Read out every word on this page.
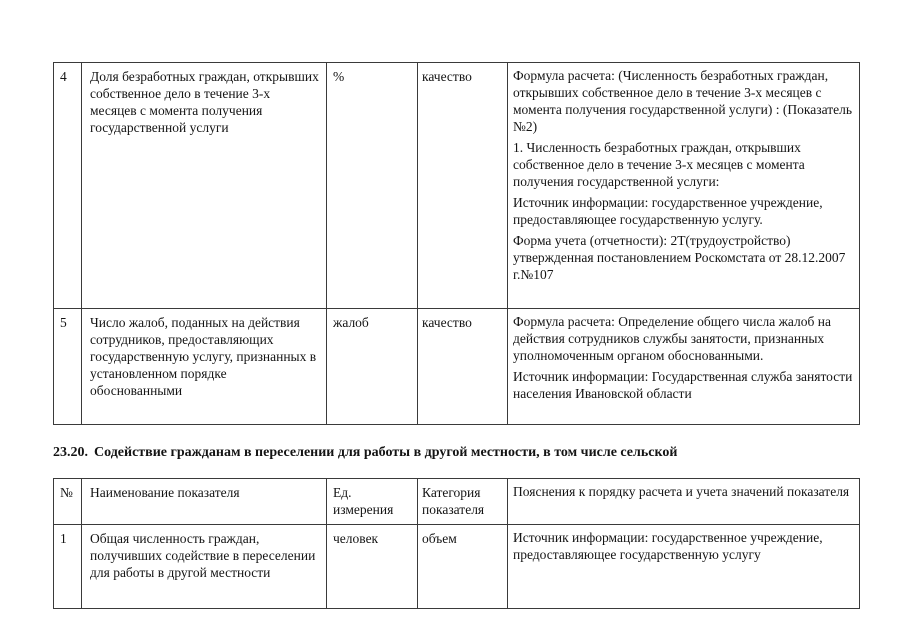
4	Доля безработных граждан, открывших собственное дело в течение 3-х месяцев с момента получения государственной услуги	%	качество	Формула расчета: (Численность безработных граждан, открывших собственное дело в течение 3-х месяцев с момента получения государственной услуги) : (Показатель №2)

1. Численность безработных граждан, открывших собственное дело в течение 3-х месяцев с момента получения государственной услуги:

Источник информации: государственное учреждение, предоставляющее государственную услугу.

Форма учета (отчетности): 2Т(трудоустройство) утвержденная постановлением Роскомстата от 28.12.2007 г.№107

5	Число жалоб, поданных на действия сотрудников, предоставляющих государственную услугу, признанных в установленном порядке обоснованными	жалоб	качество	Формула расчета: Определение общего числа жалоб на действия сотрудников службы занятости, признанных уполномоченным органом обоснованными.

Источник информации: Государственная служба занятости населения Ивановской области

23.20. Содействие гражданам в переселении для работы в другой местности, в том числе сельской
№	Наименование показателя	Ед. измерения	Категория показателя	Пояснения к порядку расчета и учета значений показателя
1	Общая численность граждан, получивших содействие в переселении для работы в другой местности	человек	объем	Источник информации: государственное учреждение, предоставляющее государственную услугу
